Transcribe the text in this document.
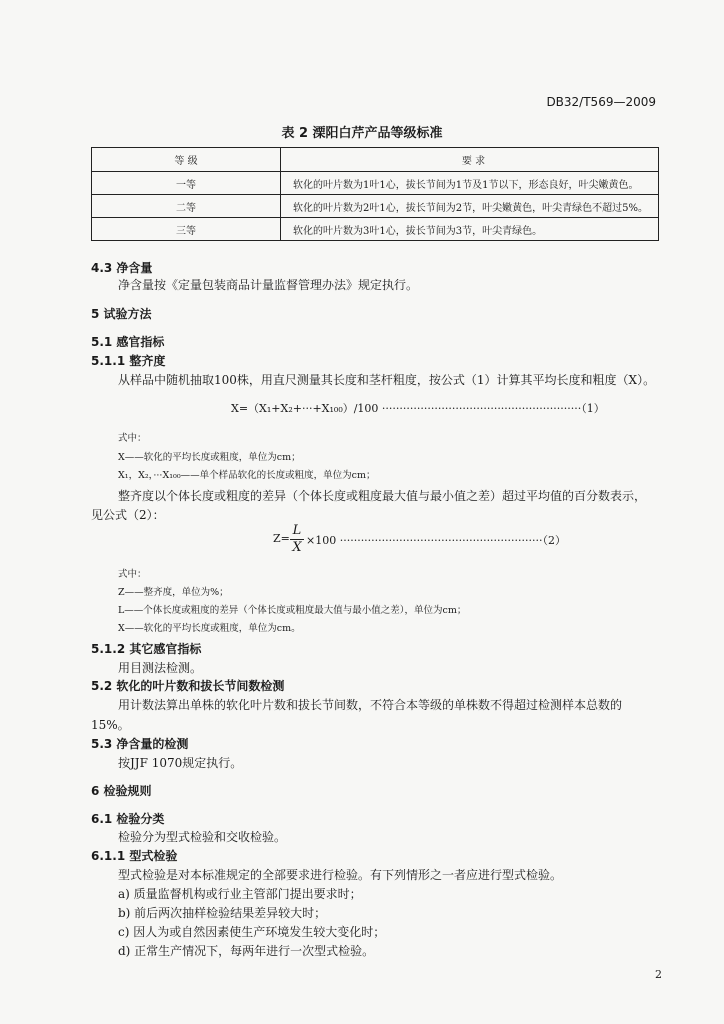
DB32/T569—2009
表 2 溧阳白芹产品等级标准
等 级	要 求
一等	软化的叶片数为1叶1心，拔长节间为1节及1节以下，形态良好，叶尖嫩黄色。
二等	软化的叶片数为2叶1心，拔长节间为2节，叶尖嫩黄色，叶尖青绿色不超过5%。
三等	软化的叶片数为3叶1心，拔长节间为3节，叶尖青绿色。
4.3 净含量
净含量按《定量包装商品计量监督管理办法》规定执行。
5 试验方法
5.1 感官指标
5.1.1 整齐度
从样品中随机抽取100株，用直尺测量其长度和茎杆粗度，按公式（1）计算其平均长度和粗度（X）。
X=（X₁+X₂+···+X₁₀₀）/100 ·························································（1）
式中：
X——软化的平均长度或粗度，单位为cm；
X₁，X₂，···X₁₀₀——单个样品软化的长度或粗度，单位为cm；
整齐度以个体长度或粗度的差异（个体长度或粗度最大值与最小值之差）超过平均值的百分数表示，
见公式（2）：
Z=
L
X ×100 ··························································（2）
式中：
Z——整齐度，单位为%；
L——个体长度或粗度的差异（个体长度或粗度最大值与最小值之差），单位为cm；
X——软化的平均长度或粗度，单位为cm。
5.1.2 其它感官指标
用目测法检测。
5.2 软化的叶片数和拔长节间数检测
用计数法算出单株的软化叶片数和拔长节间数，不符合本等级的单株数不得超过检测样本总数的
15%。
5.3 净含量的检测
按JJF 1070规定执行。
6 检验规则
6.1 检验分类
检验分为型式检验和交收检验。
6.1.1 型式检验
型式检验是对本标准规定的全部要求进行检验。有下列情形之一者应进行型式检验。
a) 质量监督机构或行业主管部门提出要求时；
b) 前后两次抽样检验结果差异较大时；
c) 因人为或自然因素使生产环境发生较大变化时；
d) 正常生产情况下，每两年进行一次型式检验。
2
